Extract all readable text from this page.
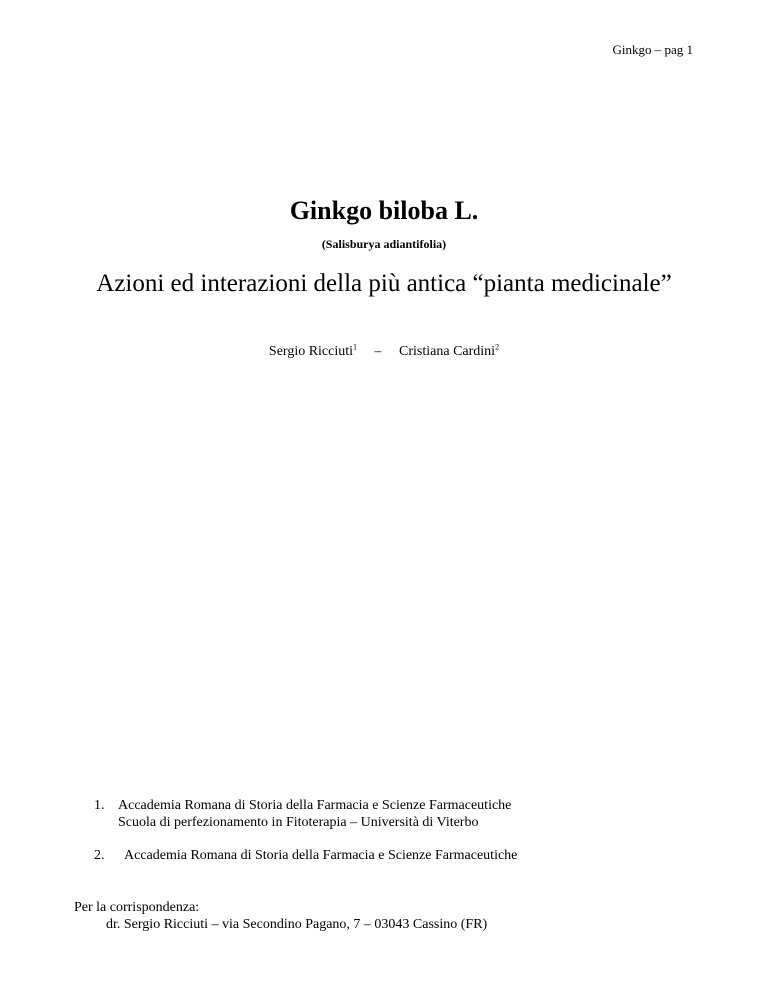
Ginkgo – pag 1
Ginkgo biloba L.
(Salisburya adiantifolia)
Azioni ed interazioni della più antica “pianta medicinale”
Sergio Ricciuti$^1$ – Cristiana Cardini$^2$
1. Accademia Romana di Storia della Farmacia e Scienze Farmaceutiche
Scuola di perfezionamento in Fitoterapia – Università di Viterbo
2.	Accademia Romana di Storia della Farmacia e Scienze Farmaceutiche
Per la corrispondenza:
dr. Sergio Ricciuti – via Secondino Pagano, 7 – 03043 Cassino (FR)
